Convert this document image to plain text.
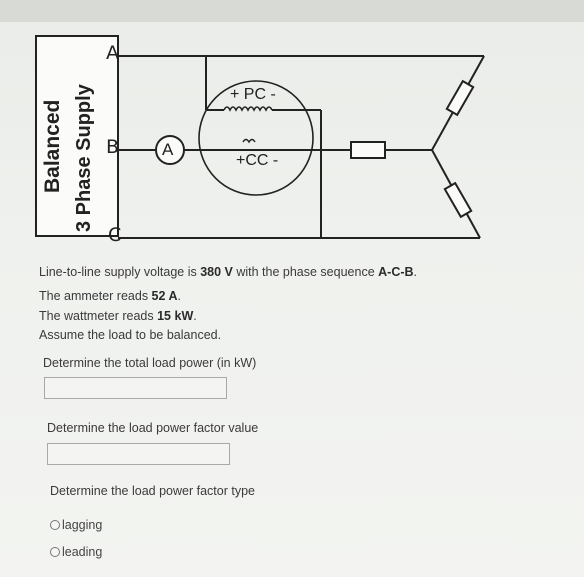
Balanced 3 Phase Supply
A
B
C
A
+ PC -
+CC -
Line-to-line supply voltage is 380 V with the phase sequence A-C-B.
The ammeter reads 52 A.
The wattmeter reads 15 kW.
Assume the load to be balanced.
Determine the total load power (in kW)
Determine the load power factor value
Determine the load power factor type
lagging
leading
